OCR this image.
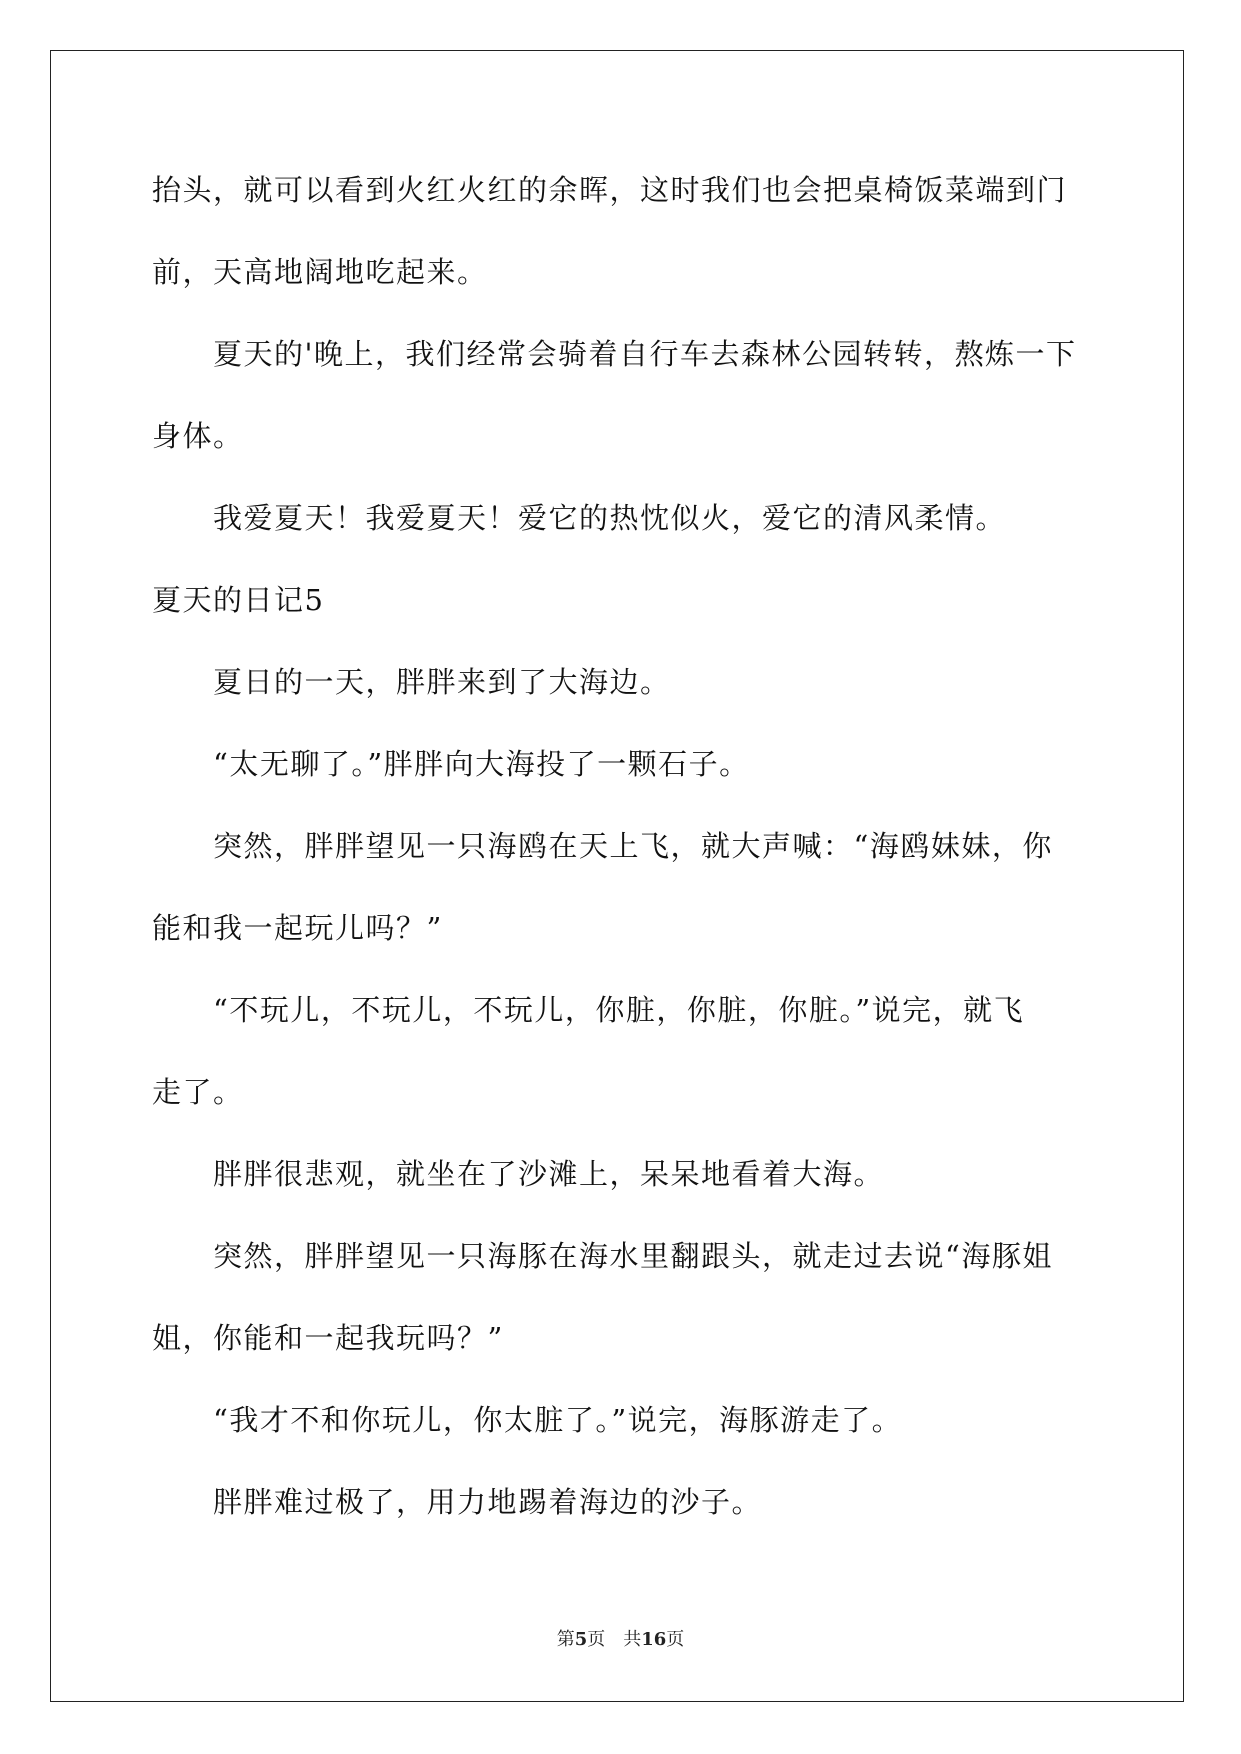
抬头，就可以看到火红火红的余晖，这时我们也会把桌椅饭菜端到门
前，天高地阔地吃起来。
夏天的'晚上，我们经常会骑着自行车去森林公园转转，熬炼一下
身体。
我爱夏天！我爱夏天！爱它的热忱似火，爱它的清风柔情。
夏天的日记5
夏日的一天，胖胖来到了大海边。
“太无聊了。”胖胖向大海投了一颗石子。
突然，胖胖望见一只海鸥在天上飞，就大声喊：“海鸥妹妹，你
能和我一起玩儿吗？”
“不玩儿，不玩儿，不玩儿，你脏，你脏，你脏。”说完，就飞
走了。
胖胖很悲观，就坐在了沙滩上，呆呆地看着大海。
突然，胖胖望见一只海豚在海水里翻跟头，就走过去说“海豚姐
姐，你能和一起我玩吗？”
“我才不和你玩儿，你太脏了。”说完，海豚游走了。
胖胖难过极了，用力地踢着海边的沙子。
第5页 共16页
